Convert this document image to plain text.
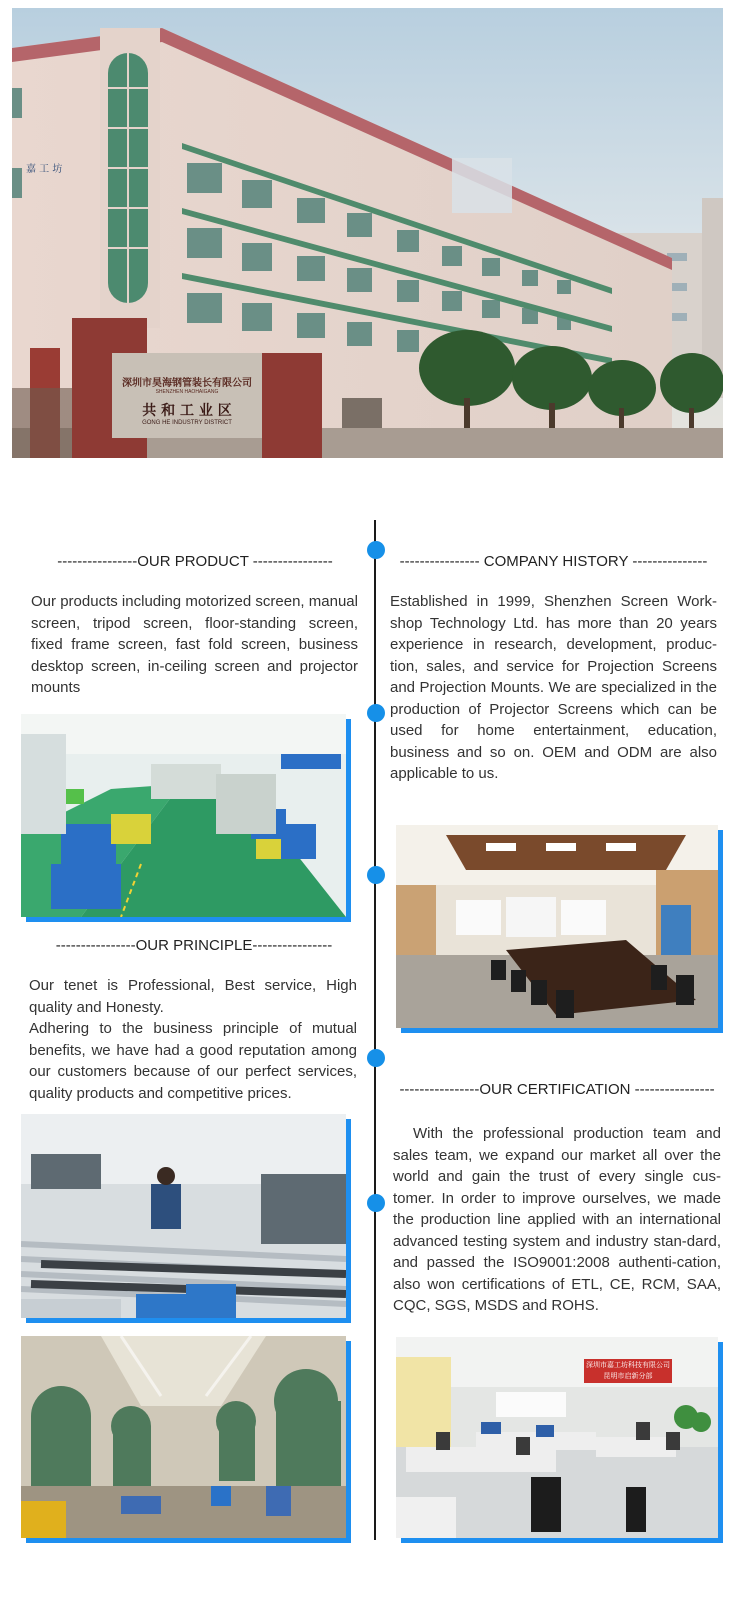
深圳市昊海钢管装长有限公司
SHENZHEN HAOHAIGANG
共 和 工 业 区
GONG HE INDUSTRY DISTRICT
嘉 工 坊
----------------OUR PRODUCT ----------------
Our products including motorized screen, manual screen, tripod screen, floor-standing screen, fixed frame screen, fast fold screen, business desktop screen, in-ceiling screen and projector mounts
----------------OUR PRINCIPLE----------------
Our tenet is Professional, Best service, High quality and Honesty.
Adhering to the business principle of mutual benefits, we have had a good reputation among our customers because of our perfect services, quality products and competitive prices.
---------------- COMPANY HISTORY ---------------
Established in 1999, Shenzhen Screen Work-shop Technology Ltd. has more than 20 years experience in research, development, produc-tion, sales, and service for Projection Screens and Projection Mounts. We are specialized in the production of Projector Screens which can be used for home entertainment, education, business and so on. OEM and ODM are also applicable to us.
----------------OUR CERTIFICATION ----------------
With the professional production team and sales team, we expand our market all over the world and gain the trust of every single cus-tomer. In order to improve ourselves, we made the production line applied with an international advanced testing system and industry stan-dard, and passed the ISO9001:2008 authenti-cation, also won certifications of ETL, CE, RCM, SAA, CQC, SGS, MSDS and ROHS.
深圳市嘉工坊科技有限公司
昆明市启新分部
